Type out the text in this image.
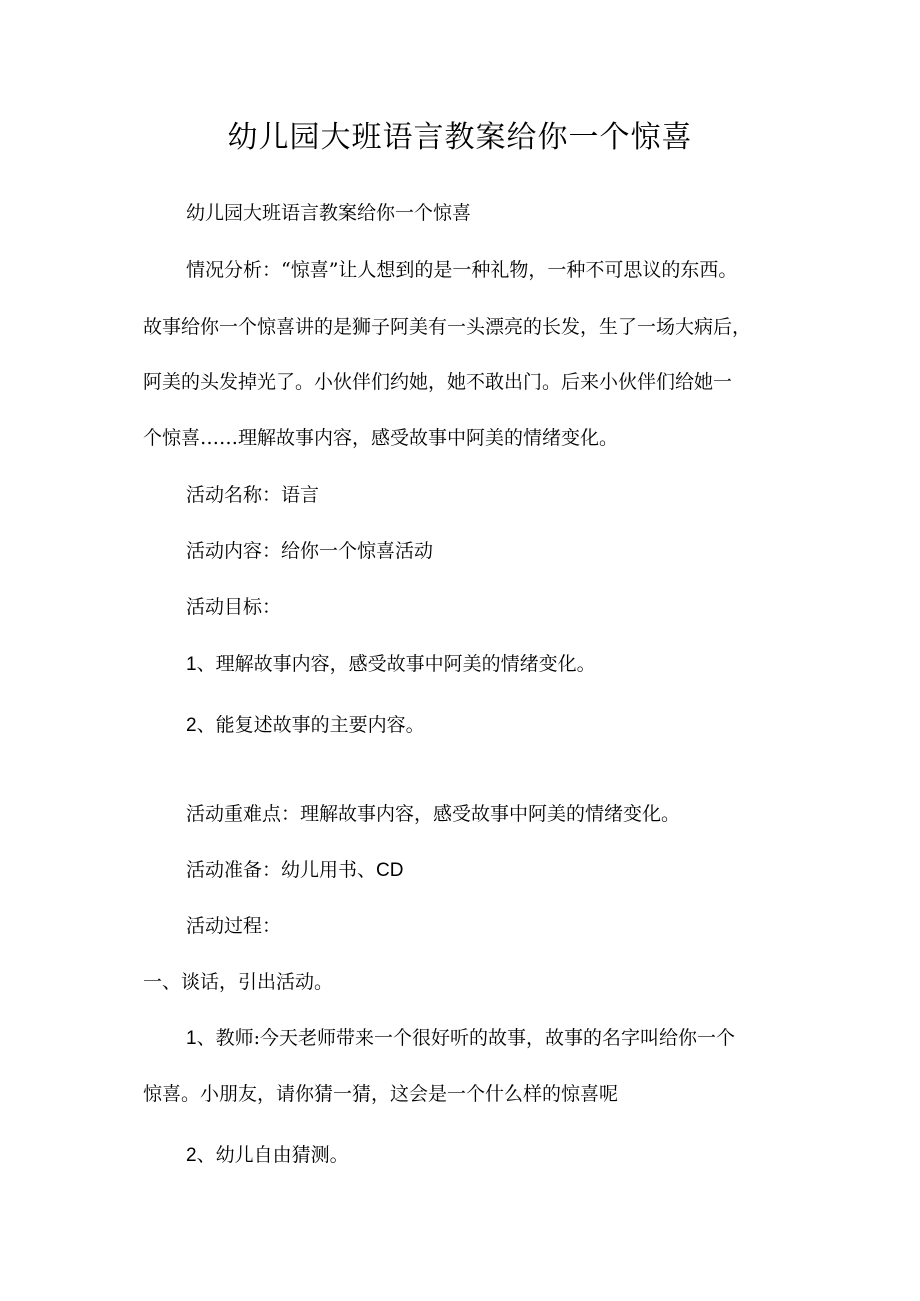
幼儿园大班语言教案给你一个惊喜
幼儿园大班语言教案给你一个惊喜
情况分析：“惊喜”让人想到的是一种礼物，一种不可思议的东西。
故事给你一个惊喜讲的是狮子阿美有一头漂亮的长发，生了一场大病后，
阿美的头发掉光了。小伙伴们约她，她不敢出门。后来小伙伴们给她一
个惊喜……理解故事内容，感受故事中阿美的情绪变化。
活动名称：语言
活动内容：给你一个惊喜活动
活动目标：
1、理解故事内容，感受故事中阿美的情绪变化。
2、能复述故事的主要内容。
活动重难点：理解故事内容，感受故事中阿美的情绪变化。
活动准备：幼儿用书、CD
活动过程：
一、谈话，引出活动。
1、教师:今天老师带来一个很好听的故事，故事的名字叫给你一个
惊喜。小朋友，请你猜一猜，这会是一个什么样的惊喜呢
2、幼儿自由猜测。
